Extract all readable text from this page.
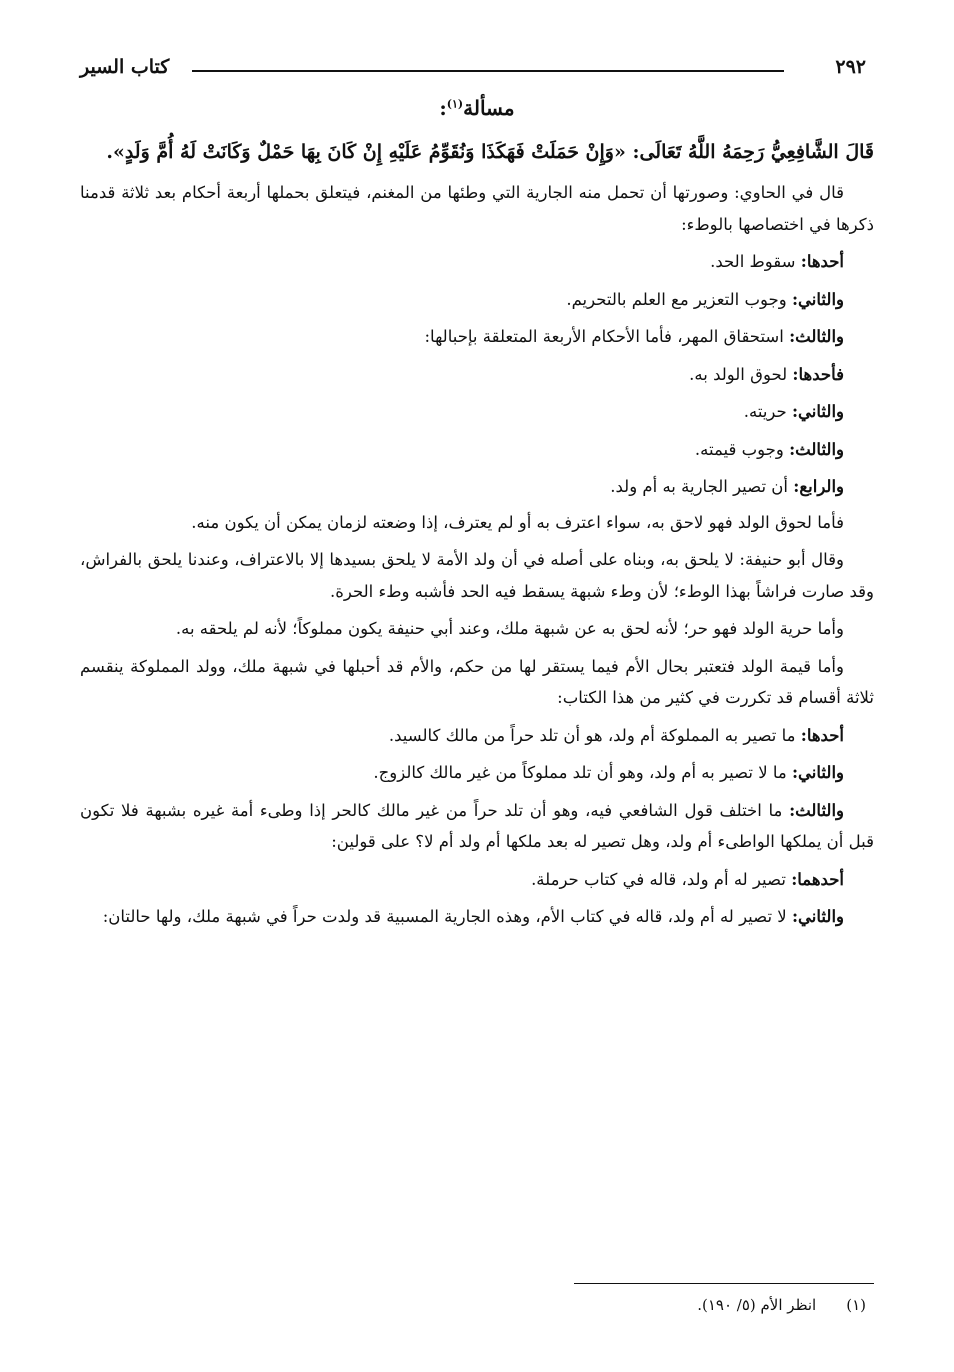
٢٩٢
كتاب السير
مسألة$^{(١)}$:
قَالَ الشَّافِعِيُّ رَحِمَهُ اللَّهُ تَعَالَى: «وَإِنْ حَمَلَتْ فَهَكَذَا وَنُقَوِّمُ عَلَيْهِ إِنْ كَانَ بِهَا حَمْلٌ وَكَانَتْ لَهُ أُمَّ وَلَدٍ».

قال في الحاوي: وصورتها أن تحمل منه الجارية التي وطئها من المغنم، فيتعلق بحملها أربعة أحكام بعد ثلاثة قدمنا ذكرها في اختصاصها بالوطء:

أحدها: سقوط الحد.

والثاني: وجوب التعزير مع العلم بالتحريم.

والثالث: استحقاق المهر، فأما الأحكام الأربعة المتعلقة بإحبالها:

فأحدها: لحوق الولد به.

والثاني: حريته.

والثالث: وجوب قيمته.

والرابع: أن تصير الجارية به أم ولد.

فأما لحوق الولد فهو لاحق به، سواء اعترف به أو لم يعترف، إذا وضعته لزمان يمكن أن يكون منه.

وقال أبو حنيفة: لا يلحق به، وبناه على أصله في أن ولد الأمة لا يلحق بسيدها إلا بالاعتراف، وعندنا يلحق بالفراش، وقد صارت فراشاً بهذا الوطء؛ لأن وطء شبهة يسقط فيه الحد فأشبه وطء الحرة.

وأما حرية الولد فهو حر؛ لأنه لحق به عن شبهة ملك، وعند أبي حنيفة يكون مملوكاً؛ لأنه لم يلحقه به.

وأما قيمة الولد فتعتبر بحال الأم فيما يستقر لها من حكم، والأم قد أحبلها في شبهة ملك، وولد المملوكة ينقسم ثلاثة أقسام قد تكررت في كثير من هذا الكتاب:

أحدها: ما تصير به المملوكة أم ولد، هو أن تلد حراً من مالك كالسيد.

والثاني: ما لا تصير به أم ولد، وهو أن تلد مملوكاً من غير مالك كالزوج.

والثالث: ما اختلف قول الشافعي فيه، وهو أن تلد حراً من غير مالك كالحر إذا وطىء أمة غيره بشبهة فلا تكون قبل أن يملكها الواطىء أم ولد، وهل تصير له بعد ملكها أم ولد أم لا؟ على قولين:

أحدهما: تصير له أم ولد، قاله في كتاب حرملة.

والثاني: لا تصير له أم ولد، قاله في كتاب الأم، وهذه الجارية المسبية قد ولدت حراً في شبهة ملك، ولها حالتان:

(١)انظر الأم (٥/ ١٩٠).
